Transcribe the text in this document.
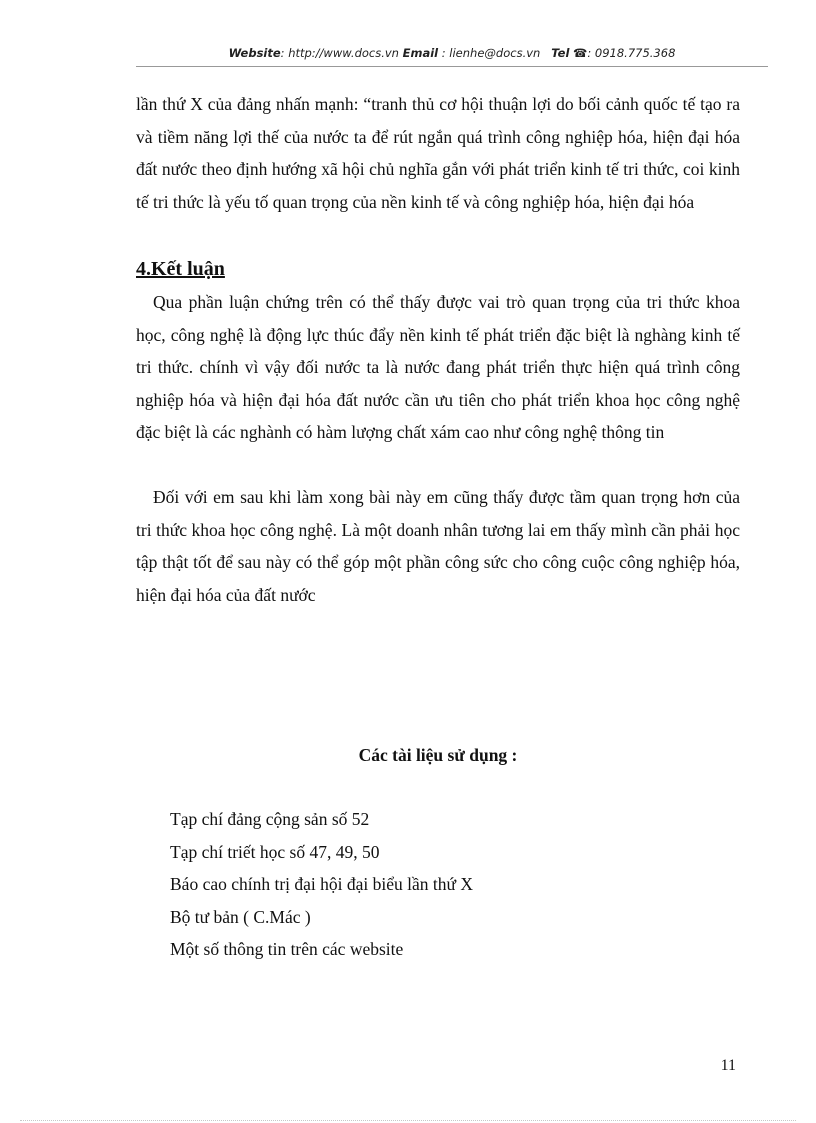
Website: http://www.docs.vn Email : lienhe@docs.vn Tel ☎: 0918.775.368

lần thứ X của đảng nhấn mạnh: “tranh thủ cơ hội thuận lợi do bối cảnh quốc tế tạo ra và tiềm năng lợi thế của nước ta để rút ngắn quá trình công nghiệp hóa, hiện đại hóa đất nước theo định hướng xã hội chủ nghĩa gắn với phát triển kinh tế tri thức, coi kinh tế tri thức là yếu tố quan trọng của nền kinh tế và công nghiệp hóa, hiện đại hóa

4.Kết luận

Qua phần luận chứng trên có thể thấy được vai trò quan trọng của tri thức khoa học, công nghệ là động lực thúc đẩy nền kinh tế phát triển đặc biệt là nghàng kinh tế tri thức. chính vì vậy đối nước ta là nước đang phát triển thực hiện quá trình công nghiệp hóa và hiện đại hóa đất nước cần ưu tiên cho phát triển khoa học công nghệ đặc biệt là các nghành có hàm lượng chất xám cao như công nghệ thông tin

Đối với em sau khi làm xong bài này em cũng thấy được tầm quan trọng hơn của tri thức khoa học công nghệ. Là một doanh nhân tương lai em thấy mình cần phải học tập thật tốt để sau này có thể góp một phần công sức cho công cuộc công nghiệp hóa, hiện đại hóa của đất nước

Các tài liệu sử dụng :

Tạp chí đảng cộng sản số 52
Tạp chí triết học số 47, 49, 50
Báo cao chính trị đại hội đại biểu lần thứ X
Bộ tư bản ( C.Mác )
Một số thông tin trên các website
11
